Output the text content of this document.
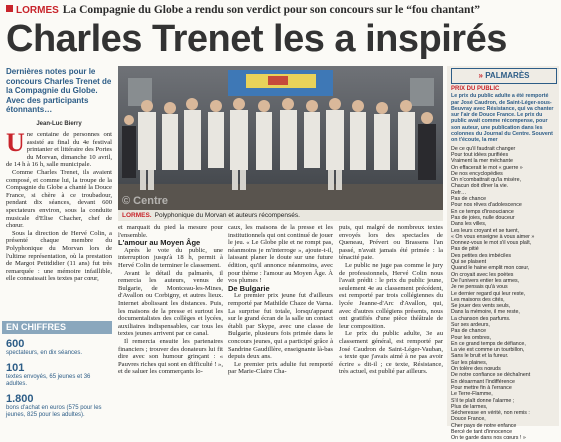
LORMES La Compagnie du Globe a rendu son verdict pour son concours sur le “fou chantant”
Charles Trenet les a inspirés
Dernières notes pour le concours Charles Trenet de la Compagnie du Globe. Avec des participants étonnants…
Jean-Luc Bierry

Une centaine de personnes ont assisté au final du 4e festival printanier et littéraire des Portes du Morvan, dimanche 10 avril, de 14 h à 16 h, salle municipale.

Comme Charles Trenet, ils avaient composé, et comme lui, la troupe de la Compagnie du Globe a chanté la Douce France, si chère à ce troubadour, pendant dix séances, devant 600 spectateurs environ, sous la conduite musicale d'Elise Chacher, chef de chœur.

Sous la direction de Hervé Colin, a présenté chaque membre du Polyphonique du Morvan lors de l'ultime représentation, où la prestation de Margot Petitdidier (11 ans) fut très remarquée : une mémoire infaillible, elle connaissait les textes par cœur,

EN CHIFFRES
600
spectateurs, en dix séances.
101
textes envoyés, 65 jeunes et 36 adultes.
1.800
bons d'achat en euros (575 pour les jeunes, 825 pour les adultes).
© Centre
LORMES. Polyphonique du Morvan et auteurs récompensés.

et marquait du pied la mesure pour l'ensemble.

L'amour au Moyen Âge

Après le vote du public, une interruption jusqu'à 18 h, permit à Hervé Colin de terminer le classement.

Avant le détail du palmarès, il remercia les auteurs, venus de Bulgarie, de Montceau-les-Mines, d'Avallon ou Corbigny, et autres lieux. Internet abolissant les distances. Puis, les maisons de la presse et surtout les documentalistes des collèges et lycées, auxiliaires indispensables, car tous les textes jeunes arrivent par ce canal.

Il remercia ensuite les partenaires financiers ; trouver des donateurs lui fit dire avec son humour grinçant : « Pauvres riches qui sont en difficulté ! », et de saluer les commerçants lo-

caux, les maisons de la presse et les institutionnels qui ont continué de jouer le jeu. « Le Globe plie et ne rompt pas, néanmoins je m'interroge », ajoute-t-il, laissant planer le doute sur une future édition, qu'il annonce néanmoins, avec pour thème : l'amour au Moyen Âge. À vos plumes !

De Bulgarie

Le premier prix jeune fut d'ailleurs remporté par Mathilde Chaze de Varna. La surprise fut totale, lorsqu'apparut sur le grand écran de la salle un contact établi par Skype, avec une classe de Bulgarie, plusieurs fois primée dans le concours jeunes, qui a participé grâce à Sandrine Gaudillère, enseignante là-bas depuis deux ans.

Le premier prix adulte fut remporté par Marie-Claire Cha-

puis, qui malgré de nombreux textes envoyés lors des spectacles de Queneau, Prévert ou Brassens l'an passé, n'avait jamais été primée : la ténacité paie.

Le public ne juge pas comme le jury de professionnels, Hervé Colin nous l'avait prédit : le prix du public jeune, seulement 4e au classement précédent, est remporté par trois collégiennes du lycée Jeanne-d'Arc d'Avallon, qui, avec d'autres collégiens présents, nous ont gratifiés d'une pièce théâtrale de leur composition.

Le prix du public adulte, 3e au classement général, est remporté par José Caudron de Saint-Léger-Vauban, « texte que j'avais aimé à ne pas avoir écrire » dit-il ; ce texte, Résistance, très actuel, est publié par ailleurs.

» PALMARÈS
PRIX DU PUBLIC
Le prix du public adulte a été remporté par José Caudron, de Saint-Léger-sous-Beuvray avec Résistance, qui va chanter sur l'air de Douce France. Le prix du public avait comme récompense, pour son auteur, une publication dans les colonnes du Journal du Centre. Souvent on t'écoute, la mer
De ce qu'il faudrait changer
Pour tout idées purifiées
Vraiment la mer méchante
On effacerait le mot « guerre »
De nos encyclopédies
On n'combattrait qu'la misère,
Chacun doit dîner la vie.
Refr…
Pas de chance
Pour nos rêves d'adolescence
En ce temps d'insouciance
Pas de joies, nulle douceur
Dans les villes,
Les leurs croyant et se tuent,
« On vous enseigne à vous aimer »
Donnez-vous le mot s'il vous plaît,
Pas de pitié
Des petites des imbéciles
Qui se plaisent
Quand le haine emplit mon cœur,
On croyait avec les poètes
De l'univers entier les armes,
Je ne pensais qu'à vous
Le dernier regard qui leur reste,
Les maisons des cités,
Se jouer des vents seuls,
Dans la mémoire, il me reste,
La chanson des parfums.
Sur ses ardeurs,
Pas de chance
Pour les ombres,
En ce grand temps de défiance,
La vie est comme un tourbillon,
Sans le bruit et la fureur.
Sur les plaines,
On tolère des nœuds
De notre confiance se déchaînent
En désarmant l'indifférence
Pour mettre fin à l'errance
Le Terre-Flamme,
S'il te plaît donne l'alarme ;
Plus de larmes,
Sécheresse en vérité, non remis :
Douce France,
Cher pays de notre enfance
Bercé de tant d'innocence
On te garde dans nos cœurs ! »
